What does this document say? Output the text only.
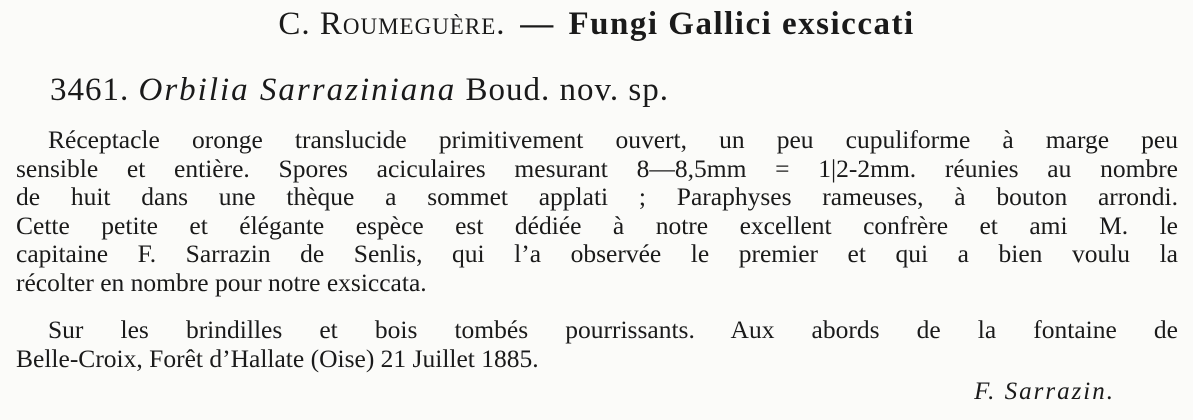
C. Roumeguère. — Fungi Gallici exsiccati
3461. Orbilia Sarraziniana Boud. nov. sp.
Réceptacle oronge translucide primitivement ouvert, un peu cupuliforme à marge peu
sensible et entière. Spores aciculaires mesurant 8—8,5mm = 1|2-2mm. réunies au nombre
de huit dans une thèque a sommet applati ; Paraphyses rameuses, à bouton arrondi.
Cette petite et élégante espèce est dédiée à notre excellent confrère et ami M. le
capitaine F. Sarrazin de Senlis, qui l’a observée le premier et qui a bien voulu la
récolter en nombre pour notre exsiccata.
Sur les brindilles et bois tombés pourrissants. Aux abords de la fontaine de
Belle-Croix, Forêt d’Hallate (Oise) 21 Juillet 1885.
F. Sarrazin.
